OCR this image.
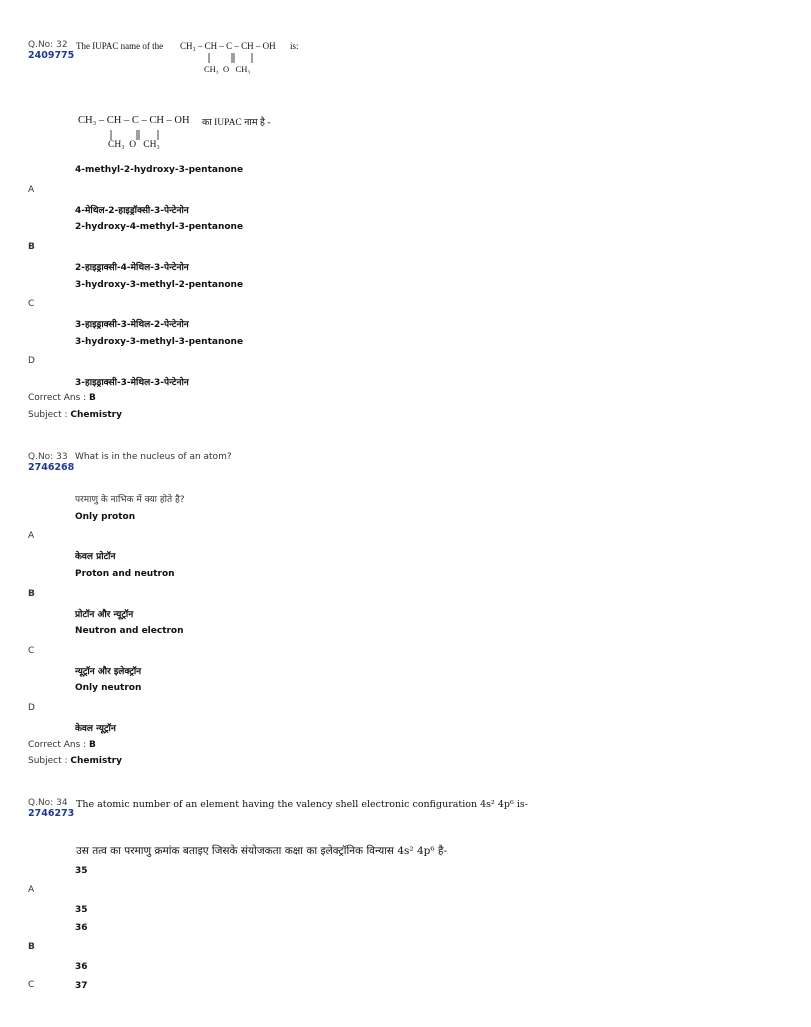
Q.No: 32
2409775
The IUPAC name of the CH₃ – CH – C – CH – OH is:
CH₃  O   CH₃
CH₃ – CH – C – CH – OH का IUPAC नाम है -
CH₃  O   CH₃
4-methyl-2-hydroxy-3-pentanone
A
4-मेथिल-2-हाइड्रॉक्सी-3-पेन्टेनोन
2-hydroxy-4-methyl-3-pentanone
B
2-हाइड्राक्सी-4-मेथिल-3-पेन्टेनोन
3-hydroxy-3-methyl-2-pentanone
C
3-हाइड्राक्सी-3-मेथिल-2-पेन्टेनोन
3-hydroxy-3-methyl-3-pentanone
D
3-हाइड्राक्सी-3-मेथिल-3-पेन्टेनोन
Correct Ans : B
Subject : Chemistry
Q.No: 33
2746268
What is in the nucleus of an atom?
परमाणु के नाभिक में क्या होते है?
Only proton
A
केवल प्रोटॉन
Proton and neutron
B
प्रोटॉन और न्यूट्रॉन
Neutron and electron
C
न्यूट्रॉन और इलेक्ट्रॉन
Only neutron
D
केवल न्यूट्रॉन
Correct Ans : B
Subject : Chemistry
Q.No: 34
2746273
The atomic number of an element having the valency shell electronic configuration 4s² 4p⁶ is-
उस तत्व का परमाणु क्रमांक बताइए जिसके संयोजकता कक्षा का इलेक्ट्रॉनिक विन्यास 4s² 4p⁶ है-
35
A
35
36
B
36
C	37
